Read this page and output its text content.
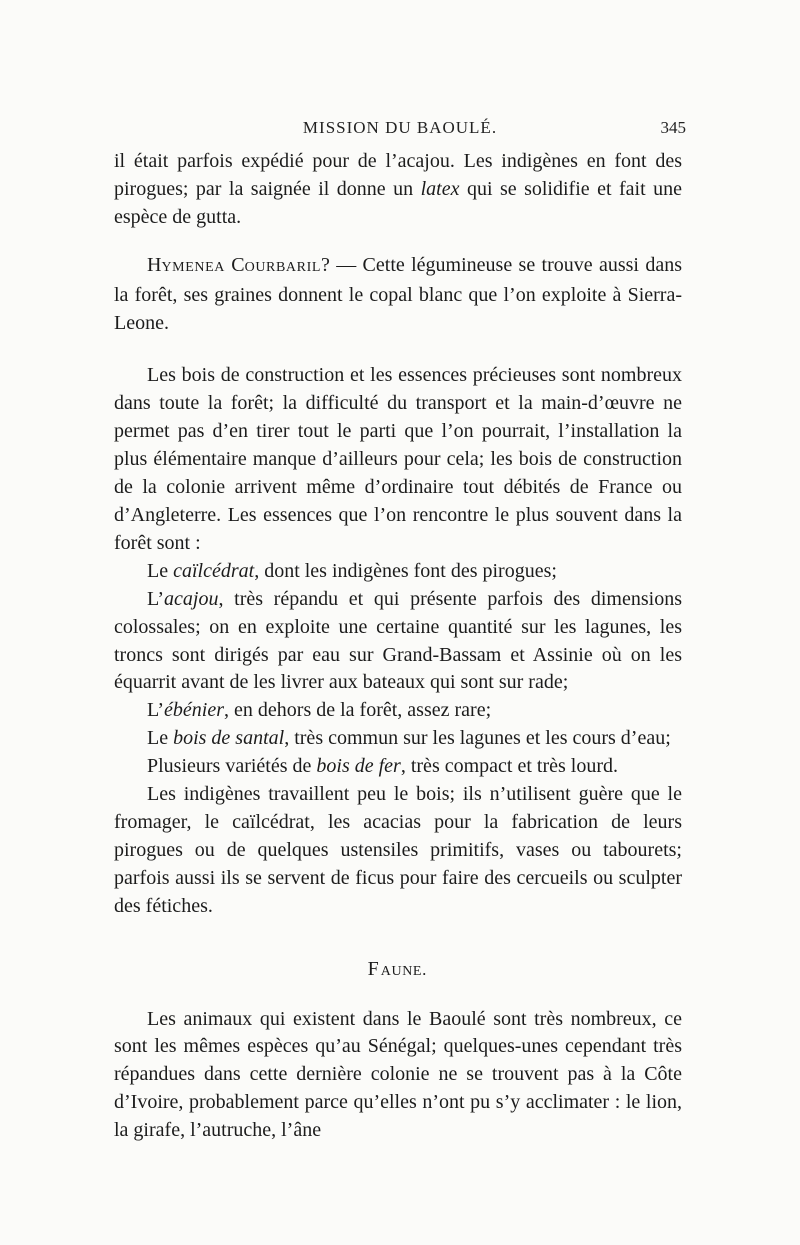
MISSION DU BAOULÉ.	345

il était parfois expédié pour de l’acajou. Les indigènes en font des pirogues; par la saignée il donne un latex qui se solidifie et fait une espèce de gutta.

HYMENEA COURBARIL? — Cette légumineuse se trouve aussi dans la forêt, ses graines donnent le copal blanc que l’on exploite à Sierra-Leone.

Les bois de construction et les essences précieuses sont nombreux dans toute la forêt; la difficulté du transport et la main-d’œuvre ne permet pas d’en tirer tout le parti que l’on pourrait, l’installation la plus élémentaire manque d’ailleurs pour cela; les bois de construction de la colonie arrivent même d’ordinaire tout débités de France ou d’Angleterre. Les essences que l’on rencontre le plus souvent dans la forêt sont :

Le caïlcédrat, dont les indigènes font des pirogues;

L’acajou, très répandu et qui présente parfois des dimensions colossales; on en exploite une certaine quantité sur les lagunes, les troncs sont dirigés par eau sur Grand-Bassam et Assinie où on les équarrit avant de les livrer aux bateaux qui sont sur rade;

L’ébénier, en dehors de la forêt, assez rare;

Le bois de santal, très commun sur les lagunes et les cours d’eau;

Plusieurs variétés de bois de fer, très compact et très lourd.

Les indigènes travaillent peu le bois; ils n’utilisent guère que le fromager, le caïlcédrat, les acacias pour la fabrication de leurs pirogues ou de quelques ustensiles primitifs, vases ou tabourets; parfois aussi ils se servent de ficus pour faire des cercueils ou sculpter des fétiches.

FAUNE.

Les animaux qui existent dans le Baoulé sont très nombreux, ce sont les mêmes espèces qu’au Sénégal; quelques-unes cependant très répandues dans cette dernière colonie ne se trouvent pas à la Côte d’Ivoire, probablement parce qu’elles n’ont pu s’y acclimater : le lion, la girafe, l’autruche, l’âne
